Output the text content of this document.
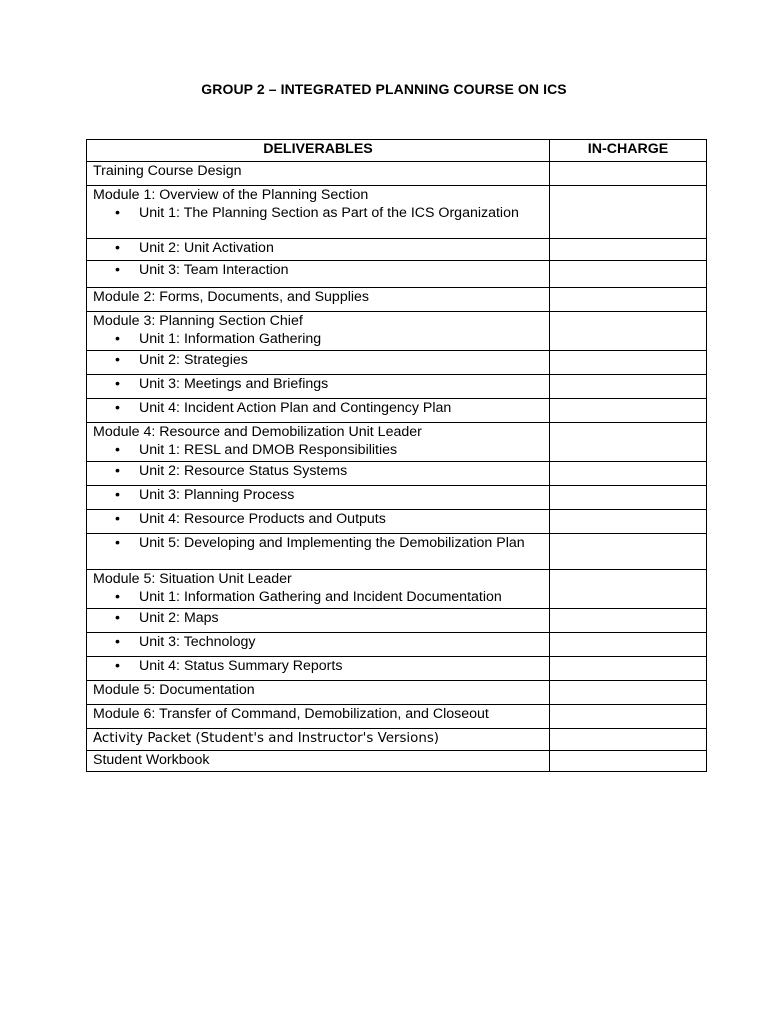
GROUP 2 – INTEGRATED PLANNING COURSE ON ICS
DELIVERABLES	IN-CHARGE

Training Course Design	

Module 1: Overview of the Planning Section
• Unit 1: The Planning Section as Part of the ICS Organization

• Unit 2: Unit Activation

• Unit 3: Team Interaction

Module 2: Forms, Documents, and Supplies	

Module 3: Planning Section Chief
• Unit 1: Information Gathering

• Unit 2: Strategies

• Unit 3: Meetings and Briefings

• Unit 4: Incident Action Plan and Contingency Plan

Module 4: Resource and Demobilization Unit Leader
• Unit 1: RESL and DMOB Responsibilities

• Unit 2: Resource Status Systems

• Unit 3: Planning Process

• Unit 4: Resource Products and Outputs

• Unit 5: Developing and Implementing the Demobilization Plan

Module 5: Situation Unit Leader
• Unit 1: Information Gathering and Incident Documentation

• Unit 2: Maps

• Unit 3: Technology

• Unit 4: Status Summary Reports

Module 5: Documentation	

Module 6: Transfer of Command, Demobilization, and Closeout	

Activity Packet (Student's and Instructor's Versions)	

Student Workbook	
